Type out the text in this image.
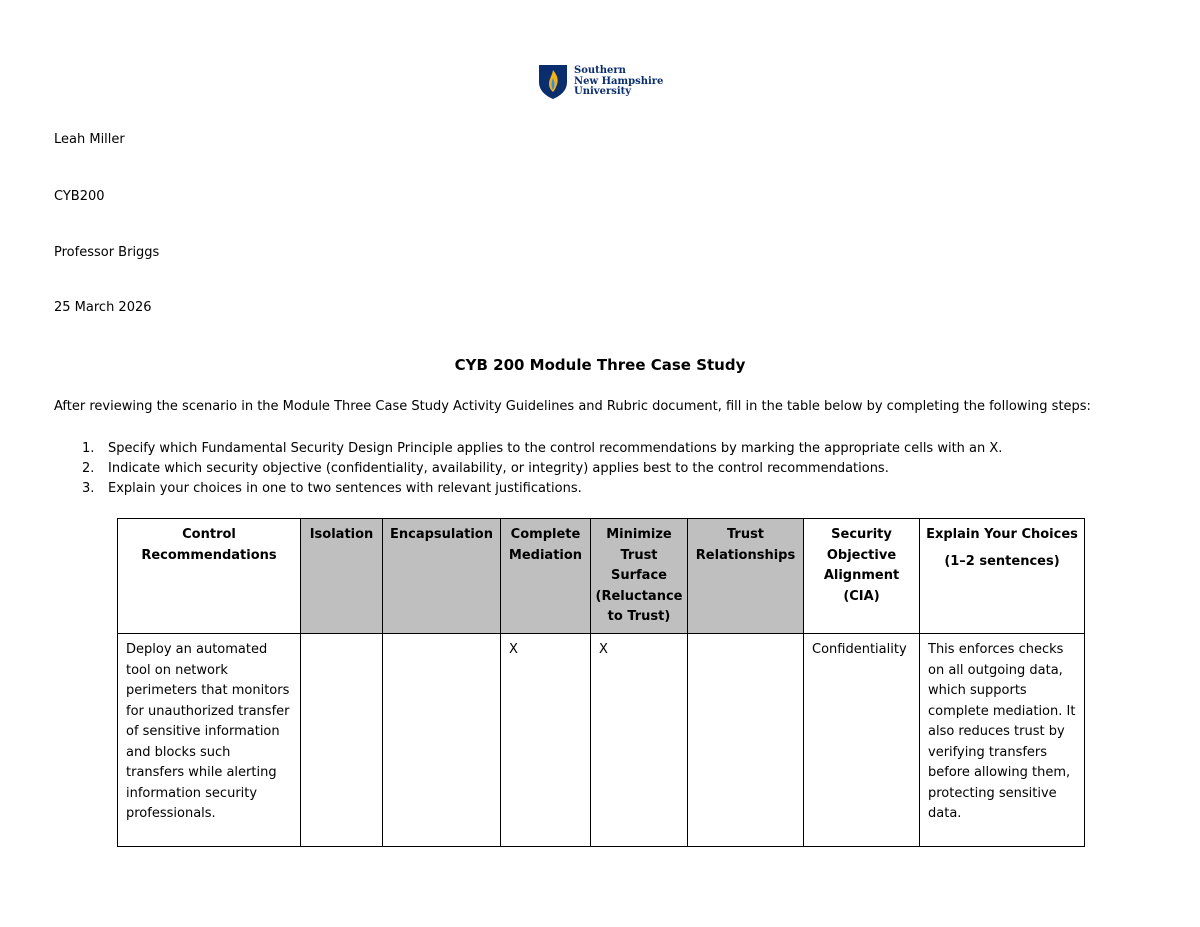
Southern
New Hampshire
University
Leah Miller
CYB200
Professor Briggs
25 March 2026
CYB 200 Module Three Case Study
After reviewing the scenario in the Module Three Case Study Activity Guidelines and Rubric document, fill in the table below by completing the following steps:
1. Specify which Fundamental Security Design Principle applies to the control recommendations by marking the appropriate cells with an X.
2. Indicate which security objective (confidentiality, availability, or integrity) applies best to the control recommendations.
3. Explain your choices in one to two sentences with relevant justifications.
Control Recommendations	Isolation	Encapsulation	Complete Mediation	Minimize Trust Surface (Reluctance to Trust)	Trust Relationships	Security Objective Alignment (CIA)	Explain Your Choices
(1–2 sentences)

Deploy an automated tool on network perimeters that monitors for unauthorized transfer of sensitive information and blocks such transfers while alerting information security professionals.			X	X		Confidentiality	This enforces checks on all outgoing data, which supports complete mediation. It also reduces trust by verifying transfers before allowing them, protecting sensitive data.
